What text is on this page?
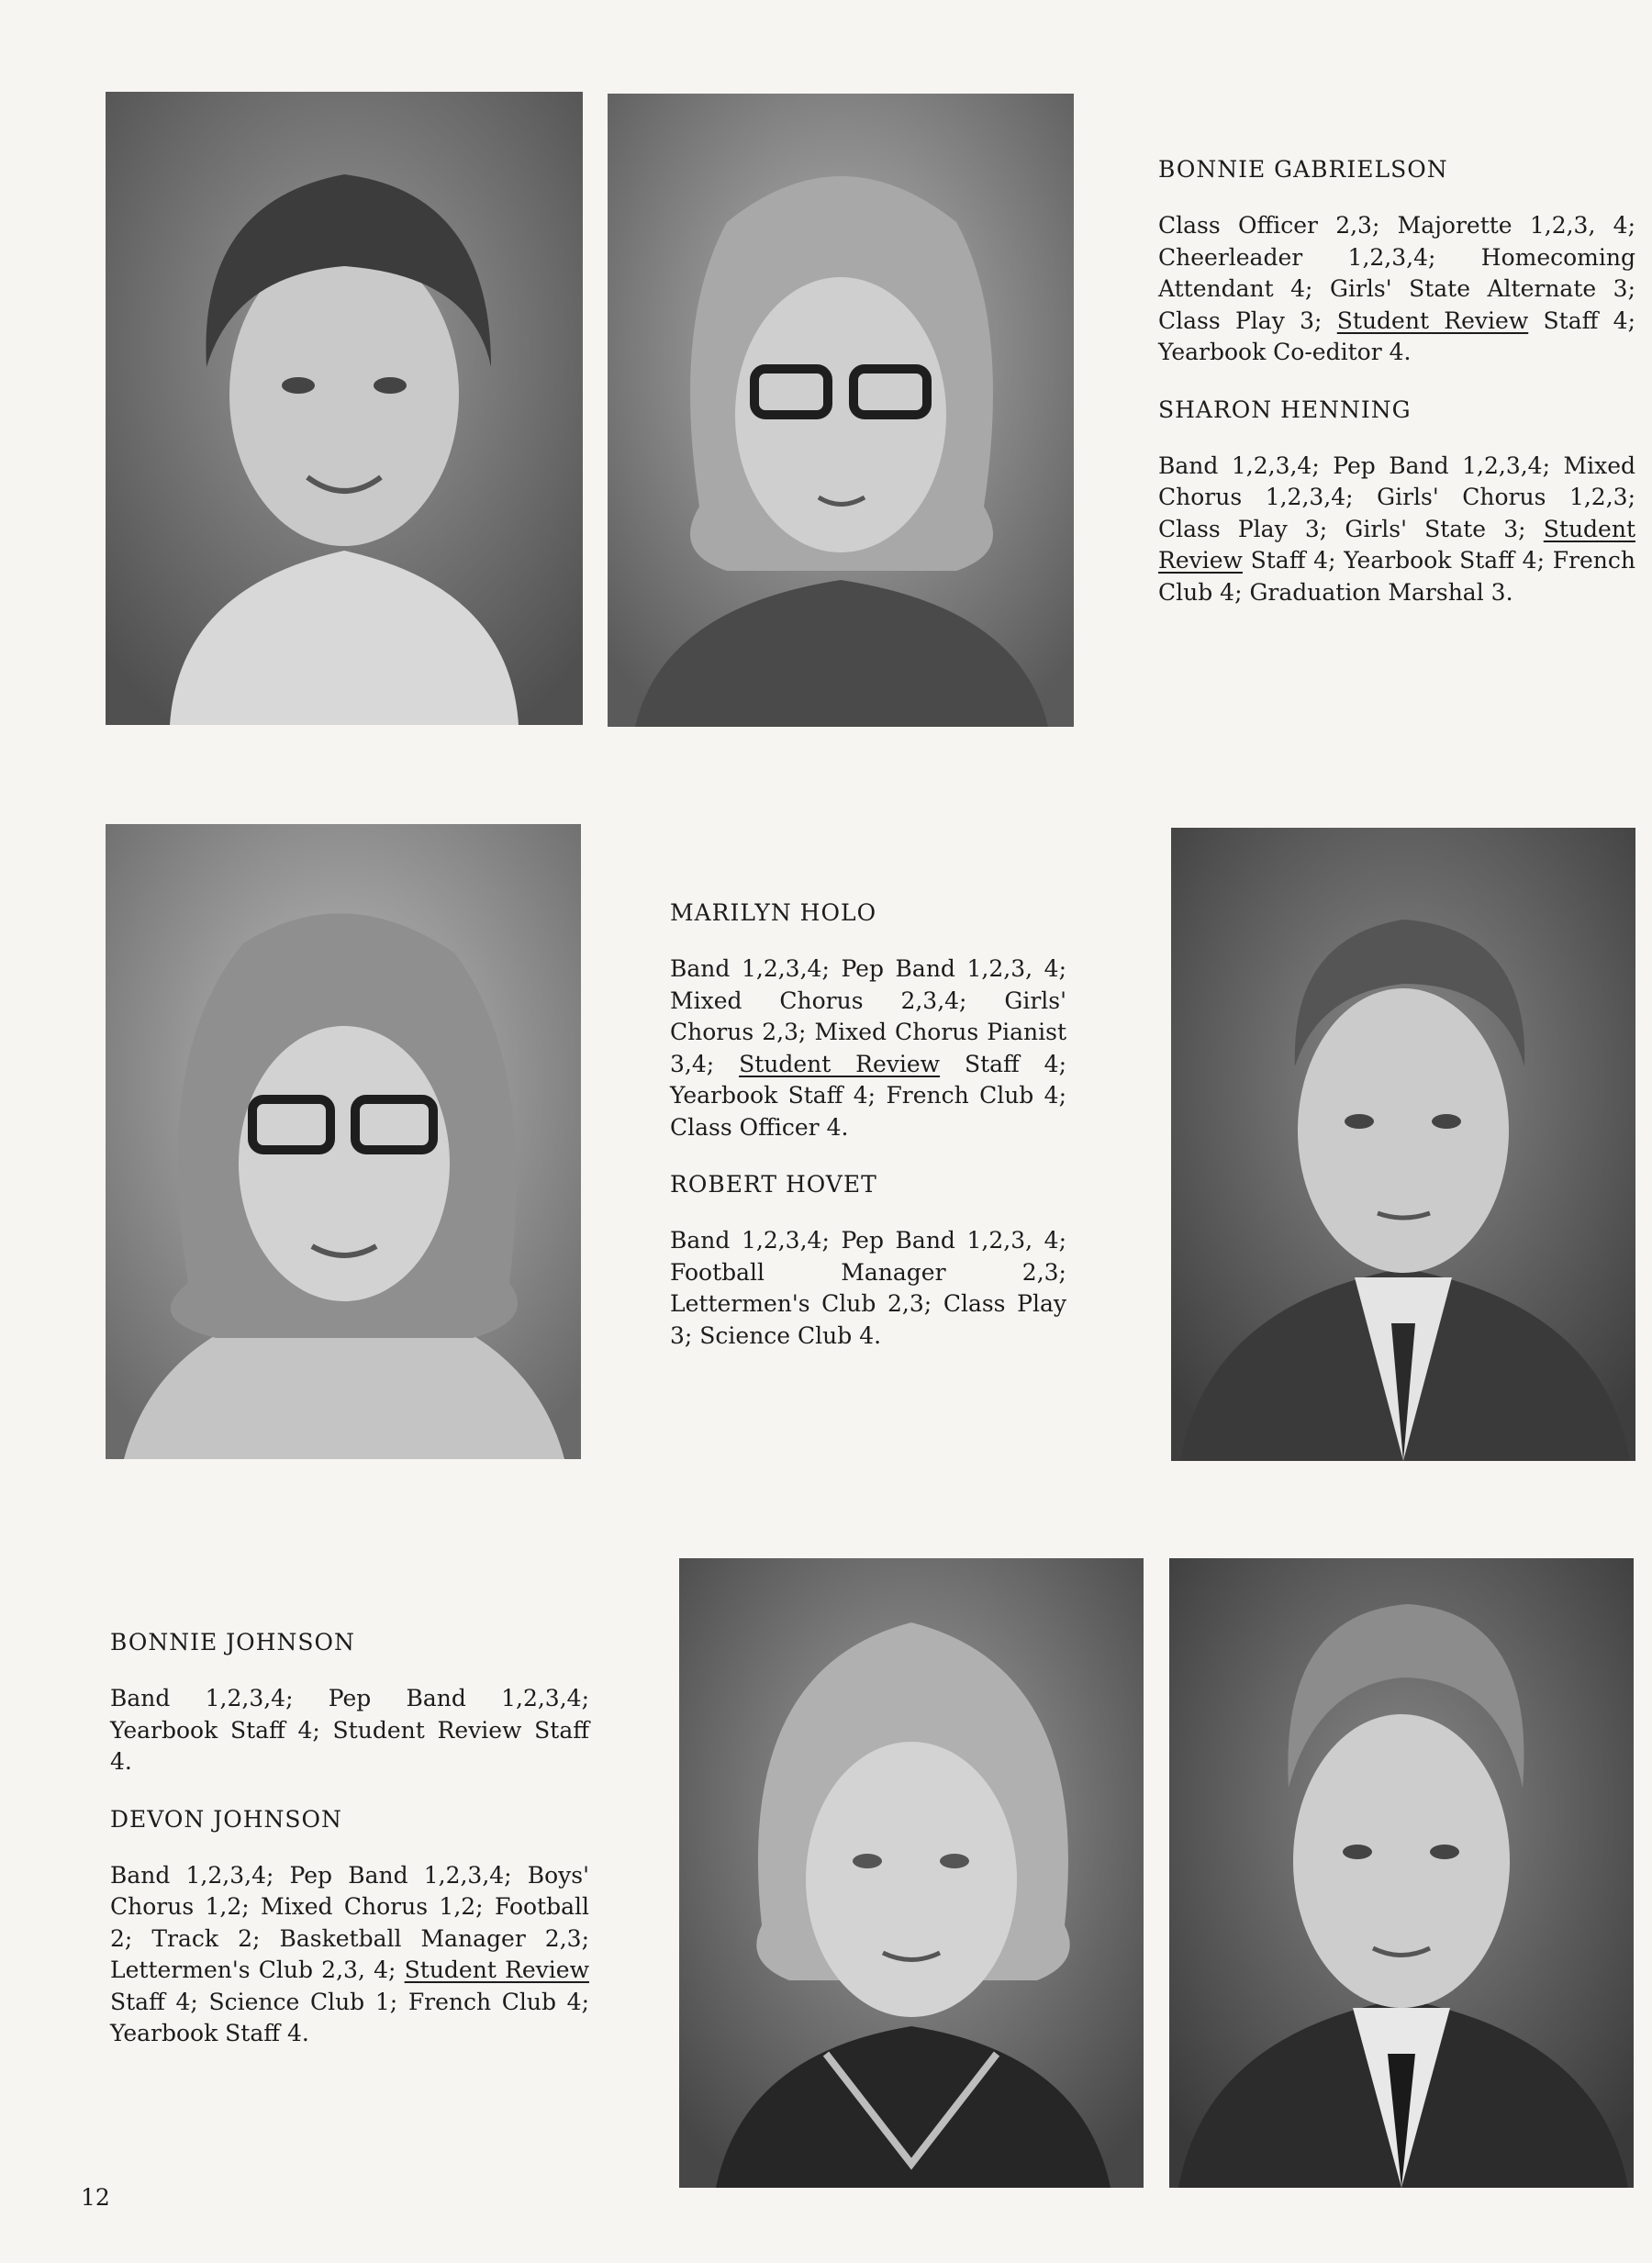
BONNIE GABRIELSON

Class Officer 2,3; Majorette 1,2,3, 4; Cheerleader 1,2,3,4; Homecoming Attendant 4; Girls' State Alternate 3; Class Play 3; Student Review Staff 4; Yearbook Co-editor 4.

SHARON HENNING

Band 1,2,3,4; Pep Band 1,2,3,4; Mixed Chorus 1,2,3,4; Girls' Chorus 1,2,3; Class Play 3; Girls' State 3; Student Review Staff 4; Yearbook Staff 4; French Club 4; Graduation Marshal 3.

MARILYN HOLO

Band 1,2,3,4; Pep Band 1,2,3, 4; Mixed Chorus 2,3,4; Girls' Chorus 2,3; Mixed Chorus Pianist 3,4; Student Review Staff 4; Yearbook Staff 4; French Club 4; Class Officer 4.

ROBERT HOVET

Band 1,2,3,4; Pep Band 1,2,3, 4; Football Manager 2,3; Lettermen's Club 2,3; Class Play 3; Science Club 4.

BONNIE JOHNSON

Band 1,2,3,4; Pep Band 1,2,3,4; Yearbook Staff 4; Student Review Staff 4.

DEVON JOHNSON

Band 1,2,3,4; Pep Band 1,2,3,4; Boys' Chorus 1,2; Mixed Chorus 1,2; Football 2; Track 2; Basketball Manager 2,3; Lettermen's Club 2,3, 4; Student Review Staff 4; Science Club 1; French Club 4; Yearbook Staff 4.

12
